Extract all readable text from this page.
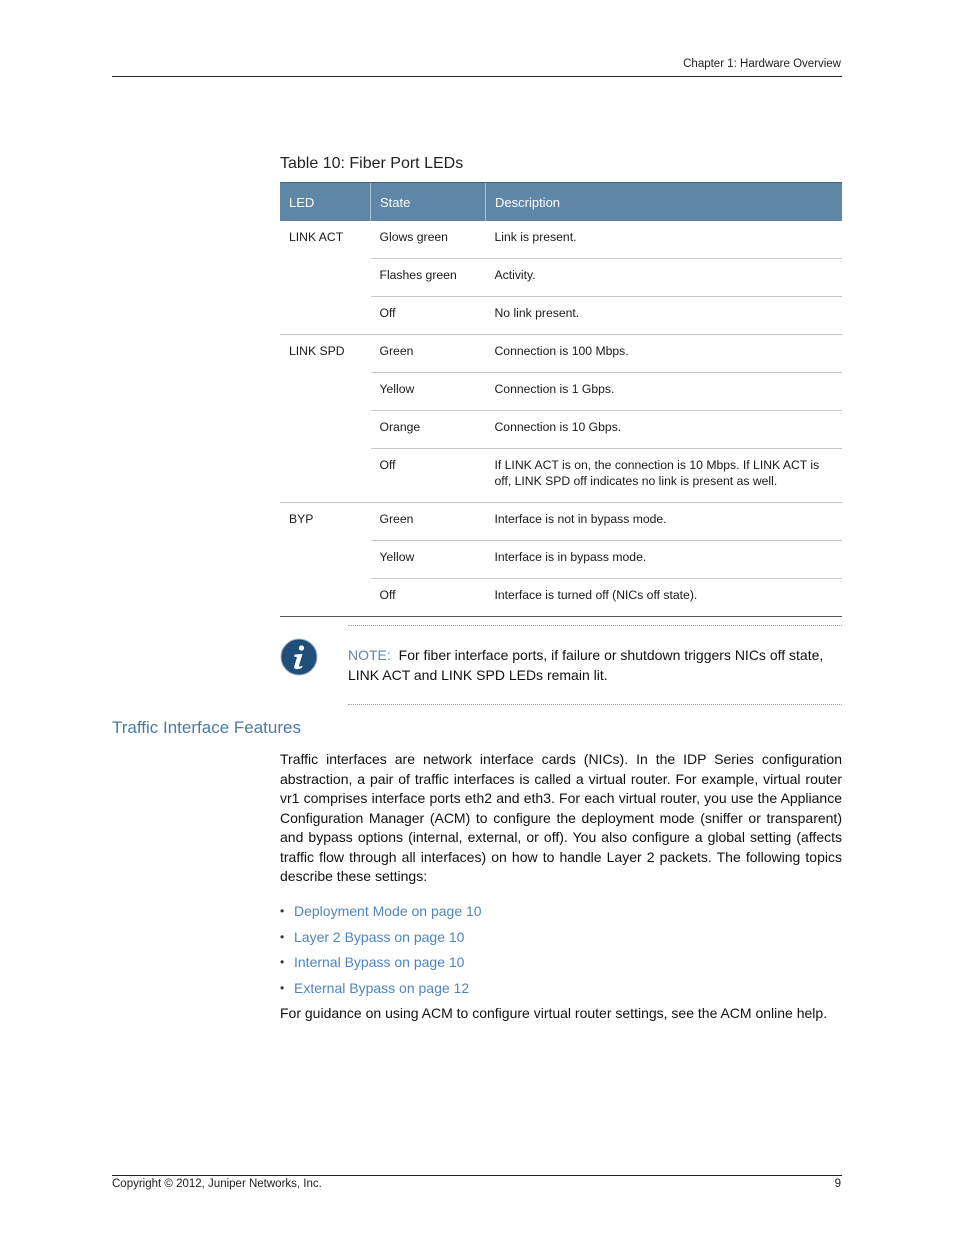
Chapter 1: Hardware Overview
Table 10: Fiber Port LEDs
LED	State	Description
LINK ACT	Glows green	Link is present.
	Flashes green	Activity.
	Off	No link present.
LINK SPD	Green	Connection is 100 Mbps.
	Yellow	Connection is 1 Gbps.
	Orange	Connection is 10 Gbps.
	Off	If LINK ACT is on, the connection is 10 Mbps. If LINK ACT is off, LINK SPD off indicates no link is present as well.
BYP	Green	Interface is not in bypass mode.
	Yellow	Interface is in bypass mode.
	Off	Interface is turned off (NICs off state).
NOTE: For fiber interface ports, if failure or shutdown triggers NICs off state, LINK ACT and LINK SPD LEDs remain lit.
Traffic Interface Features
Traffic interfaces are network interface cards (NICs). In the IDP Series configuration abstraction, a pair of traffic interfaces is called a virtual router. For example, virtual router vr1 comprises interface ports eth2 and eth3. For each virtual router, you use the Appliance Configuration Manager (ACM) to configure the deployment mode (sniffer or transparent) and bypass options (internal, external, or off). You also configure a global setting (affects traffic flow through all interfaces) on how to handle Layer 2 packets. The following topics describe these settings:
• Deployment Mode on page 10
• Layer 2 Bypass on page 10
• Internal Bypass on page 10
• External Bypass on page 12
For guidance on using ACM to configure virtual router settings, see the ACM online help.
Copyright © 2012, Juniper Networks, Inc.	9
